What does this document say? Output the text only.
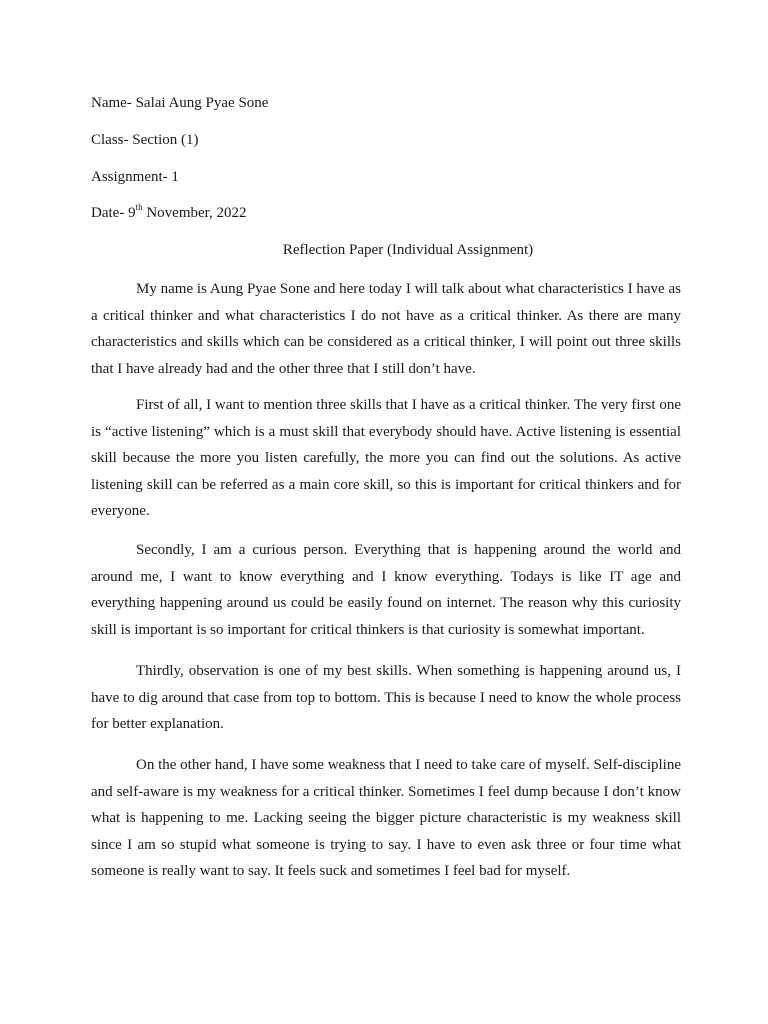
Name- Salai Aung Pyae Sone
Class- Section (1)
Assignment- 1
Date- 9th November, 2022
Reflection Paper (Individual Assignment)

My name is Aung Pyae Sone and here today I will talk about what characteristics I have as a critical thinker and what characteristics I do not have as a critical thinker. As there are many characteristics and skills which can be considered as a critical thinker, I will point out three skills that I have already had and the other three that I still don’t have.

First of all, I want to mention three skills that I have as a critical thinker. The very first one is “active listening” which is a must skill that everybody should have. Active listening is essential skill because the more you listen carefully, the more you can find out the solutions. As active listening skill can be referred as a main core skill, so this is important for critical thinkers and for everyone.

Secondly, I am a curious person. Everything that is happening around the world and around me, I want to know everything and I know everything. Todays is like IT age and everything happening around us could be easily found on internet. The reason why this curiosity skill is important is so important for critical thinkers is that curiosity is somewhat important.

Thirdly, observation is one of my best skills. When something is happening around us, I have to dig around that case from top to bottom. This is because I need to know the whole process for better explanation.

On the other hand, I have some weakness that I need to take care of myself. Self-discipline and self-aware is my weakness for a critical thinker. Sometimes I feel dump because I don’t know what is happening to me. Lacking seeing the bigger picture characteristic is my weakness skill since I am so stupid what someone is trying to say. I have to even ask three or four time what someone is really want to say. It feels suck and sometimes I feel bad for myself.
